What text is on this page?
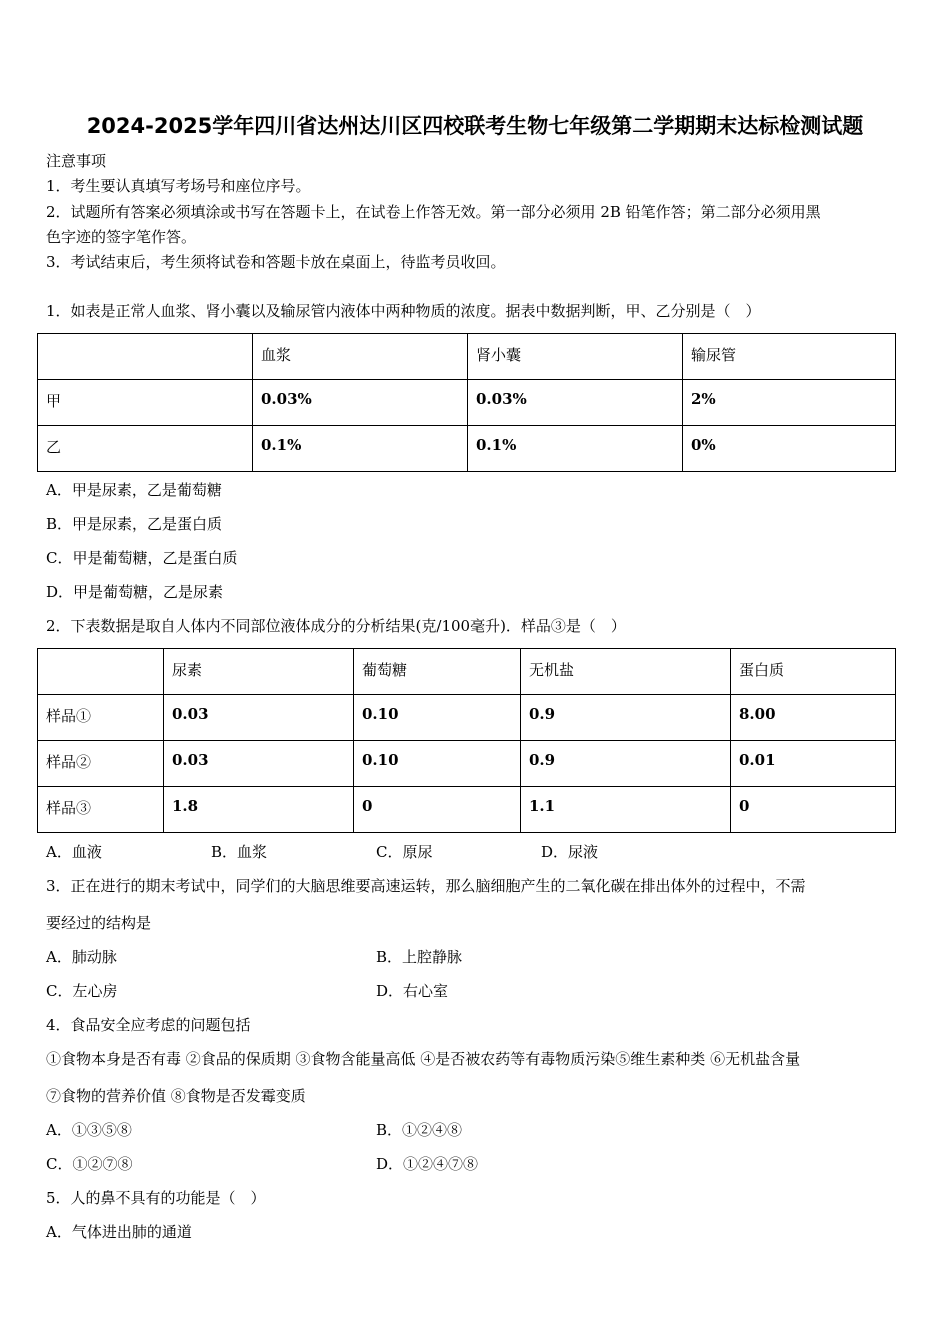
2024-2025学年四川省达州达川区四校联考生物七年级第二学期期末达标检测试题
注意事项
1．考生要认真填写考场号和座位序号。
2．试题所有答案必须填涂或书写在答题卡上，在试卷上作答无效。第一部分必须用 2B 铅笔作答；第二部分必须用黑
色字迹的签字笔作答。
3．考试结束后，考生须将试卷和答题卡放在桌面上，待监考员收回。
1．如表是正常人血浆、肾小囊以及输尿管内液体中两种物质的浓度。据表中数据判断，甲、乙分别是（　）
	血浆	肾小囊	输尿管
甲	0.03%	0.03%	2%
乙	0.1%	0.1%	0%
A．甲是尿素，乙是葡萄糖
B．甲是尿素，乙是蛋白质
C．甲是葡萄糖，乙是蛋白质
D．甲是葡萄糖，乙是尿素
2．下表数据是取自人体内不同部位液体成分的分析结果(克/100毫升)．样品③是（　）
	尿素	葡萄糖	无机盐	蛋白质
样品①	0.03	0.10	0.9	8.00
样品②	0.03	0.10	0.9	0.01
样品③	1.8	0	1.1	0
A．血液	B．血浆	C．原尿	D．尿液
3．正在进行的期末考试中，同学们的大脑思维要高速运转，那么脑细胞产生的二氧化碳在排出体外的过程中，不需
要经过的结构是
A．肺动脉	B．上腔静脉
C．左心房	D．右心室
4．食品安全应考虑的问题包括
①食物本身是否有毒 ②食品的保质期 ③食物含能量高低 ④是否被农药等有毒物质污染⑤维生素种类 ⑥无机盐含量
⑦食物的营养价值 ⑧食物是否发霉变质
A．①③⑤⑧	B．①②④⑧
C．①②⑦⑧	D．①②④⑦⑧
5．人的鼻不具有的功能是（　）
A．气体进出肺的通道
